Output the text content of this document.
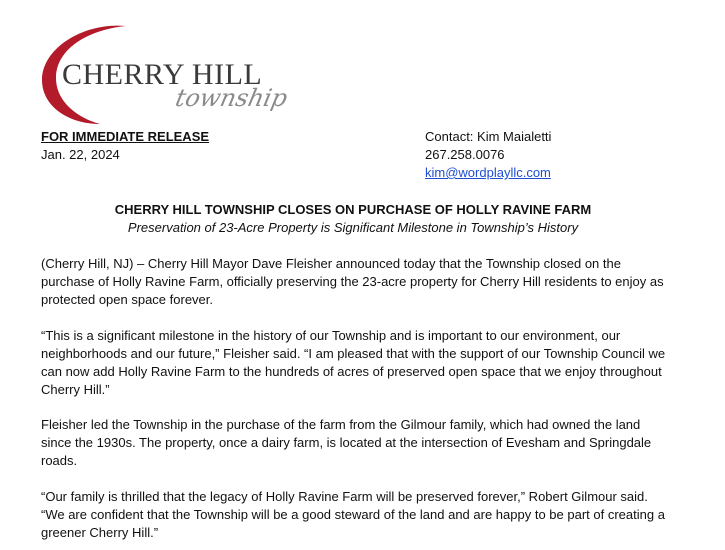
CHERRY HILL
township
FOR IMMEDIATE RELEASE
Jan. 22, 2024
Contact: Kim Maialetti
267.258.0076
kim@wordplayllc.com
CHERRY HILL TOWNSHIP CLOSES ON PURCHASE OF HOLLY RAVINE FARM
Preservation of 23-Acre Property is Significant Milestone in Township’s History

(Cherry Hill, NJ) – Cherry Hill Mayor Dave Fleisher announced today that the Township closed on the purchase of Holly Ravine Farm, officially preserving the 23-acre property for Cherry Hill residents to enjoy as protected open space forever.

“This is a significant milestone in the history of our Township and is important to our environment, our neighborhoods and our future,” Fleisher said. “I am pleased that with the support of our Township Council we can now add Holly Ravine Farm to the hundreds of acres of preserved open space that we enjoy throughout Cherry Hill.”

Fleisher led the Township in the purchase of the farm from the Gilmour family, which had owned the land since the 1930s. The property, once a dairy farm, is located at the intersection of Evesham and Springdale roads.

“Our family is thrilled that the legacy of Holly Ravine Farm will be preserved forever,” Robert Gilmour said. “We are confident that the Township will be a good steward of the land and are happy to be part of creating a greener Cherry Hill.”
